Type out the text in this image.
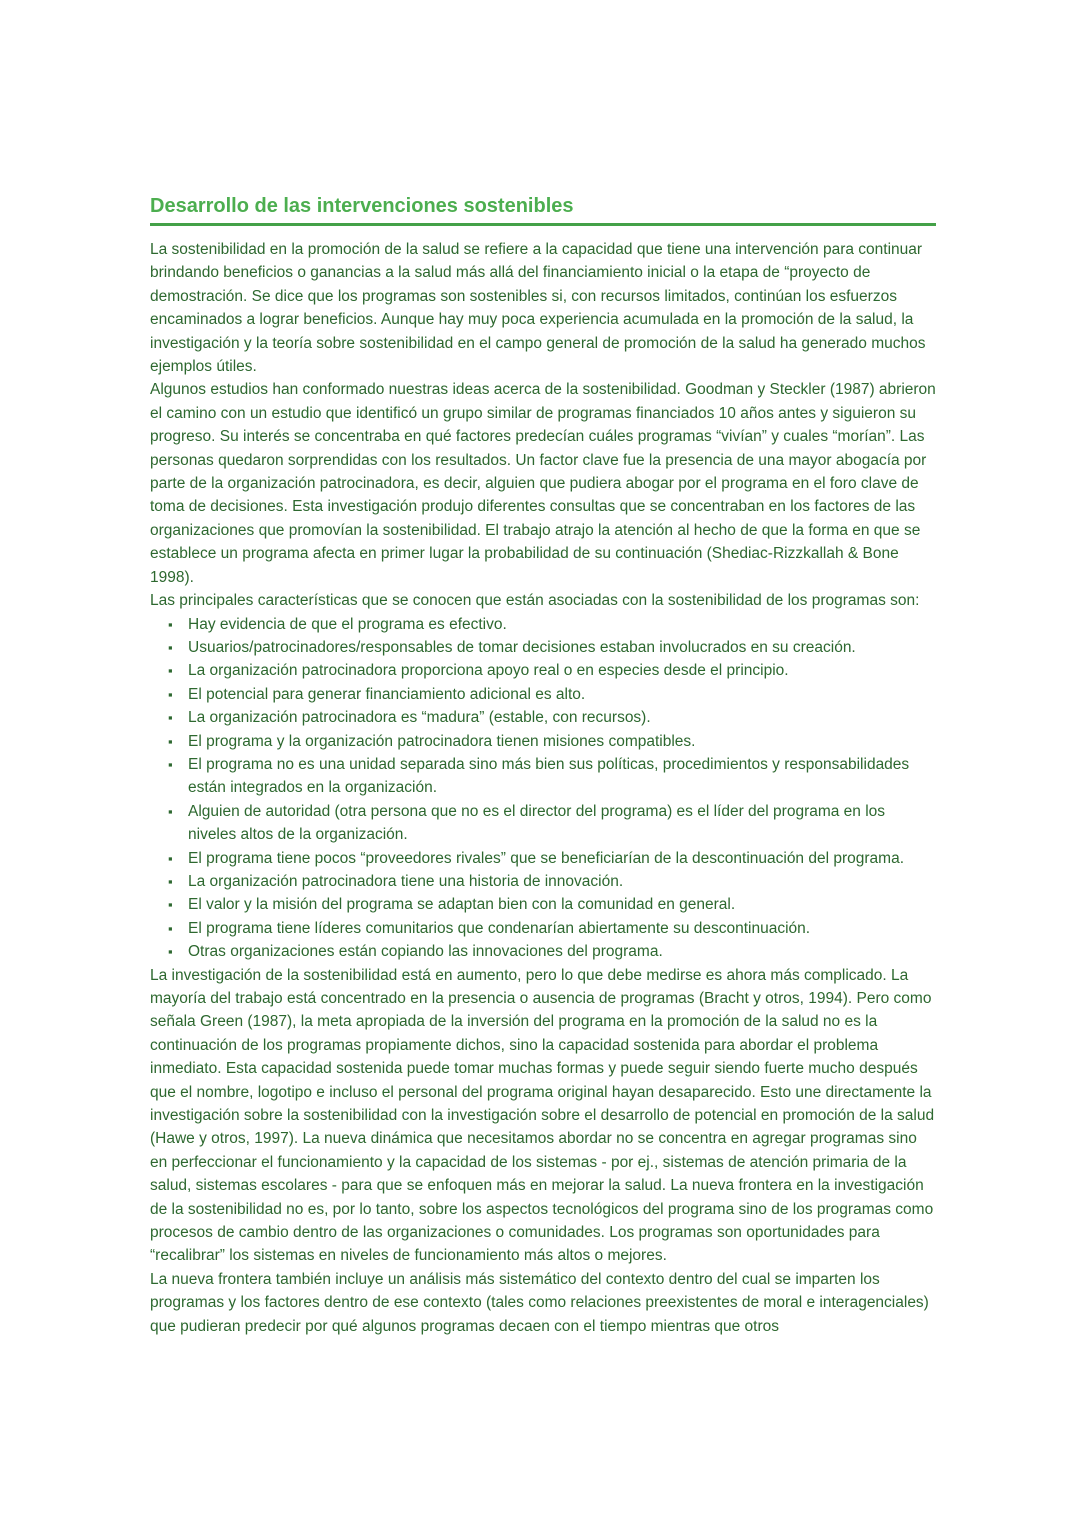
Desarrollo de las intervenciones sostenibles

La sostenibilidad en la promoción de la salud se refiere a la capacidad que tiene una intervención para continuar brindando beneficios o ganancias a la salud más allá del financiamiento inicial o la etapa de “proyecto de demostración. Se dice que los programas son sostenibles si, con recursos limitados, continúan los esfuerzos encaminados a lograr beneficios. Aunque hay muy poca experiencia acumulada en la promoción de la salud, la investigación y la teoría sobre sostenibilidad en el campo general de promoción de la salud ha generado muchos ejemplos útiles.

Algunos estudios han conformado nuestras ideas acerca de la sostenibilidad. Goodman y Steckler (1987) abrieron el camino con un estudio que identificó un grupo similar de programas financiados 10 años antes y siguieron su progreso. Su interés se concentraba en qué factores predecían cuáles programas “vivían” y cuales “morían”. Las personas quedaron sorprendidas con los resultados. Un factor clave fue la presencia de una mayor abogacía por parte de la organización patrocinadora, es decir, alguien que pudiera abogar por el programa en el foro clave de toma de decisiones. Esta investigación produjo diferentes consultas que se concentraban en los factores de las organizaciones que promovían la sostenibilidad. El trabajo atrajo la atención al hecho de que la forma en que se establece un programa afecta en primer lugar la probabilidad de su continuación (Shediac-Rizzkallah & Bone 1998).

Las principales características que se conocen que están asociadas con la sostenibilidad de los programas son:

▪ Hay evidencia de que el programa es efectivo.
▪ Usuarios/patrocinadores/responsables de tomar decisiones estaban involucrados en su creación.
▪ La organización patrocinadora proporciona apoyo real o en especies desde el principio.
▪ El potencial para generar financiamiento adicional es alto.
▪ La organización patrocinadora es “madura” (estable, con recursos).
▪ El programa y la organización patrocinadora tienen misiones compatibles.
▪ El programa no es una unidad separada sino más bien sus políticas, procedimientos y responsabilidades están integrados en la organización.
▪ Alguien de autoridad (otra persona que no es el director del programa) es el líder del programa en los niveles altos de la organización.
▪ El programa tiene pocos “proveedores rivales” que se beneficiarían de la descontinuación del programa.
▪ La organización patrocinadora tiene una historia de innovación.
▪ El valor y la misión del programa se adaptan bien con la comunidad en general.
▪ El programa tiene líderes comunitarios que condenarían abiertamente su descontinuación.
▪ Otras organizaciones están copiando las innovaciones del programa.

La investigación de la sostenibilidad está en aumento, pero lo que debe medirse es ahora más complicado. La mayoría del trabajo está concentrado en la presencia o ausencia de programas (Bracht y otros, 1994). Pero como señala Green (1987), la meta apropiada de la inversión del programa en la promoción de la salud no es la continuación de los programas propiamente dichos, sino la capacidad sostenida para abordar el problema inmediato. Esta capacidad sostenida puede tomar muchas formas y puede seguir siendo fuerte mucho después que el nombre, logotipo e incluso el personal del programa original hayan desaparecido. Esto une directamente la investigación sobre la sostenibilidad con la investigación sobre el desarrollo de potencial en promoción de la salud (Hawe y otros, 1997). La nueva dinámica que necesitamos abordar no se concentra en agregar programas sino en perfeccionar el funcionamiento y la capacidad de los sistemas - por ej., sistemas de atención primaria de la salud, sistemas escolares - para que se enfoquen más en mejorar la salud. La nueva frontera en la investigación de la sostenibilidad no es, por lo tanto, sobre los aspectos tecnológicos del programa sino de los programas como procesos de cambio dentro de las organizaciones o comunidades. Los programas son oportunidades para “recalibrar” los sistemas en niveles de funcionamiento más altos o mejores.

La nueva frontera también incluye un análisis más sistemático del contexto dentro del cual se imparten los programas y los factores dentro de ese contexto (tales como relaciones preexistentes de moral e interagenciales) que pudieran predecir por qué algunos programas decaen con el tiempo mientras que otros
